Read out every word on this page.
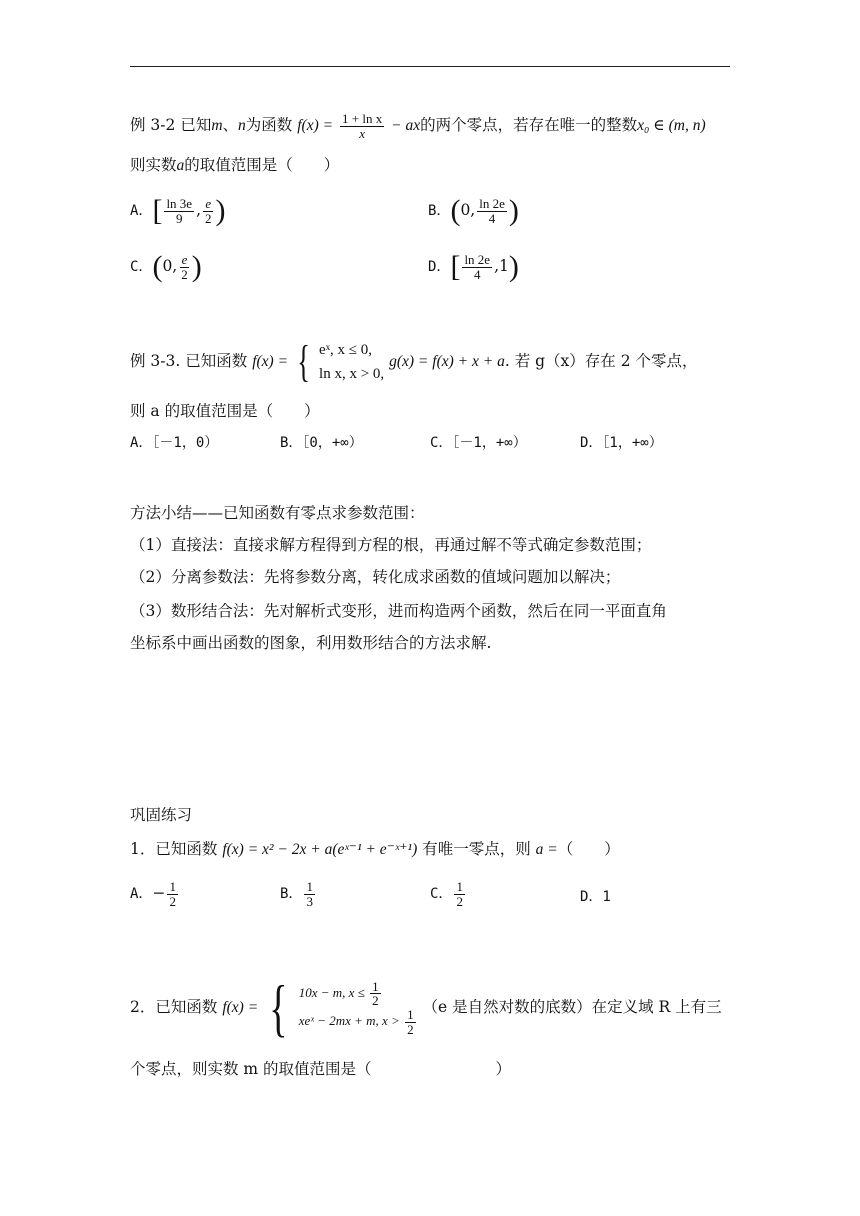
例 3-2 已知m、n为函数 $f(x) = \frac{\text{1 + ln x}}{x}$ − ax的两个零点，若存在唯一的整数x₀ ∈ (m, n)
则实数a的取值范围是（　　）
A．[ $\frac{\ln 3e}{9}$ , $\frac{e}{2}$ )	B．(0, $\frac{\ln 2e}{4}$ )
C．(0, $\frac{e}{2}$ )	D．[ $\frac{\ln 2e}{4} ,1$)
例 3-3. 已知函数 f(x) = { eˣ, x ≤ 0,
ln x, x > 0,
g(x) = f(x) + x + a. 若 g（x）存在 2 个零点，
则 a 的取值范围是（　　）
A．［－1，0）	B．［0，+∞）	C．［－1，+∞）	D．［1，+∞）
方法小结——已知函数有零点求参数范围：
（1）直接法：直接求解方程得到方程的根，再通过解不等式确定参数范围；
（2）分离参数法：先将参数分离，转化成求函数的值域问题加以解决；
（3）数形结合法：先对解析式变形，进而构造两个函数，然后在同一平面直角
坐标系中画出函数的图象，利用数形结合的方法求解.
巩固练习
1．已知函数 f(x) = x² − 2x + a(eˣ⁻¹ + e⁻ˣ⁺¹) 有唯一零点，则 a =（　　）
A．− $\frac{1}{2}$	B． $\frac{1}{3}$	C． $\frac{1}{2}$	D．1
2．已知函数 f(x) = { 10x − m, $x \le \frac{1}{2}$
xeˣ − 2mx + m, $x > \frac{1}{2}$
（e 是自然对数的底数）在定义域 R 上有三
个零点，则实数 m 的取值范围是（　　　　　　　　）
